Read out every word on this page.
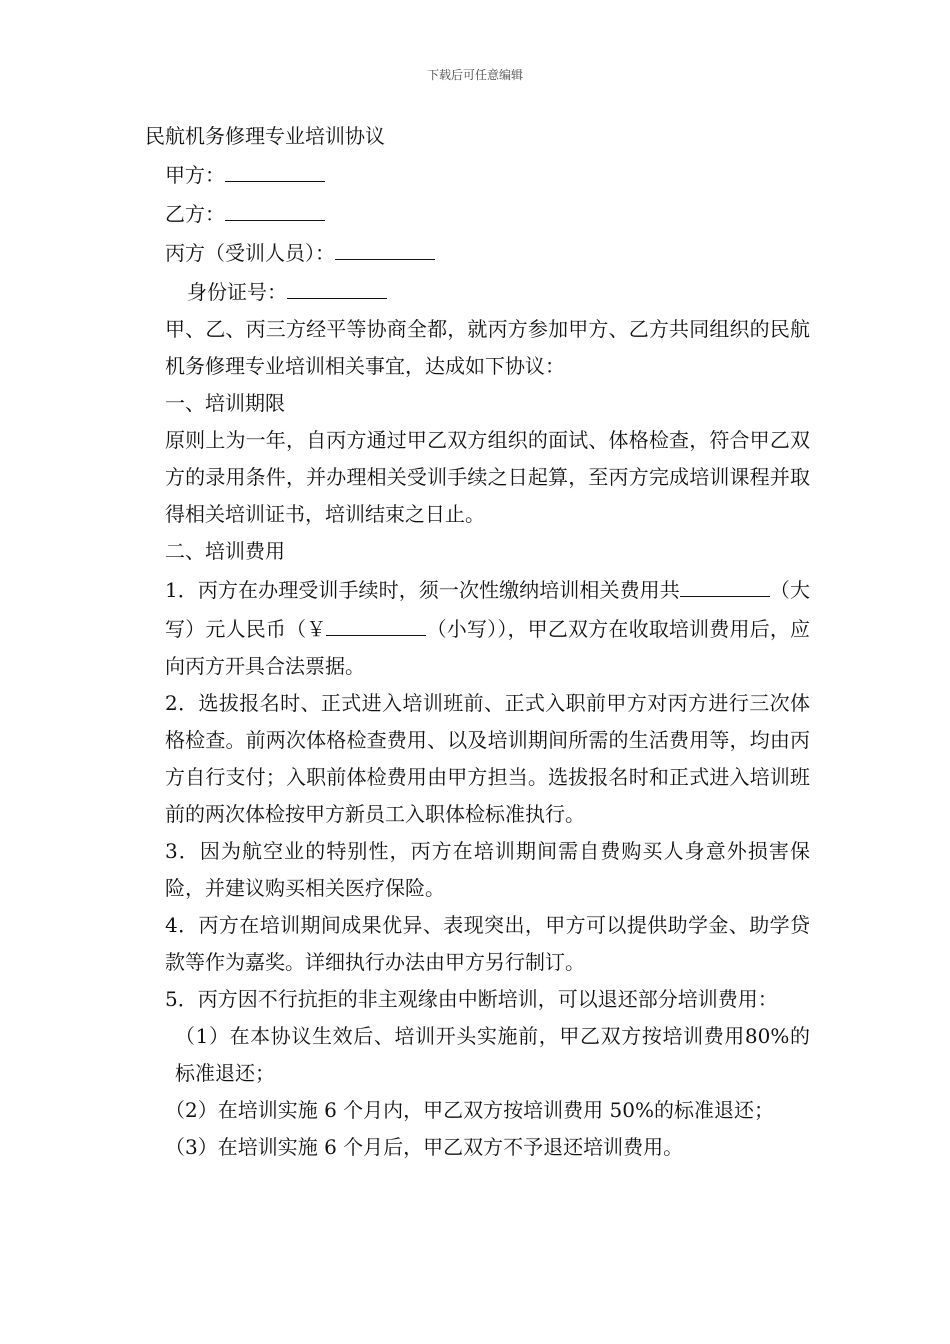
下载后可任意编辑

民航机务修理专业培训协议

甲方：

乙方：

丙方（受训人员）：

身份证号：

甲、乙、丙三方经平等协商全都，就丙方参加甲方、乙方共同组织的民航机务修理专业培训相关事宜，达成如下协议：

一、培训期限

原则上为一年，自丙方通过甲乙双方组织的面试、体格检查，符合甲乙双方的录用条件，并办理相关受训手续之日起算，至丙方完成培训课程并取得相关培训证书，培训结束之日止。

二、培训费用

1．丙方在办理受训手续时，须一次性缴纳培训相关费用共	（大写）元人民币（￥	（小写）），甲乙双方在收取培训费用后，应向丙方开具合法票据。

2．选拔报名时、正式进入培训班前、正式入职前甲方对丙方进行三次体格检查。前两次体格检查费用、以及培训期间所需的生活费用等，均由丙方自行支付；入职前体检费用由甲方担当。选拔报名时和正式进入培训班前的两次体检按甲方新员工入职体检标准执行。

3．因为航空业的特别性，丙方在培训期间需自费购买人身意外损害保险，并建议购买相关医疗保险。

4．丙方在培训期间成果优异、表现突出，甲方可以提供助学金、助学贷款等作为嘉奖。详细执行办法由甲方另行制订。

5．丙方因不行抗拒的非主观缘由中断培训，可以退还部分培训费用：

（1）在本协议生效后、培训开头实施前，甲乙双方按培训费用80%的标准退还；

（2）在培训实施 6 个月内，甲乙双方按培训费用 50%的标准退还；

（3）在培训实施 6 个月后，甲乙双方不予退还培训费用。
